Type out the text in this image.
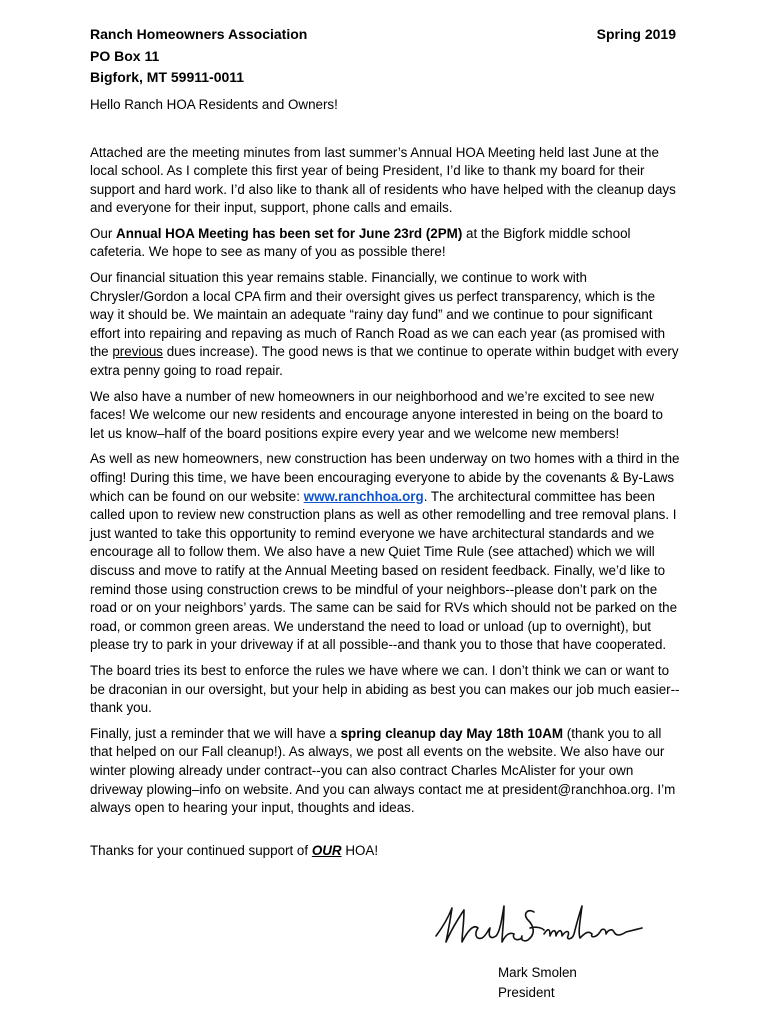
Ranch Homeowners Association
PO Box 11
Bigfork, MT 59911-0011
Spring 2019
Hello Ranch HOA Residents and Owners!

Attached are the meeting minutes from last summer’s Annual HOA Meeting held last June at the local school. As I complete this first year of being President, I’d like to thank my board for their support and hard work. I’d also like to thank all of residents who have helped with the cleanup days and everyone for their input, support, phone calls and emails.

Our Annual HOA Meeting has been set for June 23rd (2PM) at the Bigfork middle school cafeteria. We hope to see as many of you as possible there!

Our financial situation this year remains stable. Financially, we continue to work with Chrysler/Gordon a local CPA firm and their oversight gives us perfect transparency, which is the way it should be. We maintain an adequate “rainy day fund” and we continue to pour significant effort into repairing and repaving as much of Ranch Road as we can each year (as promised with the previous dues increase). The good news is that we continue to operate within budget with every extra penny going to road repair.

We also have a number of new homeowners in our neighborhood and we’re excited to see new faces! We welcome our new residents and encourage anyone interested in being on the board to let us know–half of the board positions expire every year and we welcome new members!

As well as new homeowners, new construction has been underway on two homes with a third in the offing! During this time, we have been encouraging everyone to abide by the covenants & By-Laws which can be found on our website: www.ranchhoa.org. The architectural committee has been called upon to review new construction plans as well as other remodelling and tree removal plans. I just wanted to take this opportunity to remind everyone we have architectural standards and we encourage all to follow them. We also have a new Quiet Time Rule (see attached) which we will discuss and move to ratify at the Annual Meeting based on resident feedback. Finally, we’d like to remind those using construction crews to be mindful of your neighbors--please don’t park on the road or on your neighbors’ yards. The same can be said for RVs which should not be parked on the road, or common green areas. We understand the need to load or unload (up to overnight), but please try to park in your driveway if at all possible--and thank you to those that have cooperated.

The board tries its best to enforce the rules we have where we can. I don’t think we can or want to be draconian in our oversight, but your help in abiding as best you can makes our job much easier--thank you.

Finally, just a reminder that we will have a spring cleanup day May 18th 10AM (thank you to all that helped on our Fall cleanup!). As always, we post all events on the website. We also have our winter plowing already under contract--you can also contract Charles McAlister for your own driveway plowing–info on website. And you can always contact me at president@ranchhoa.org. I’m always open to hearing your input, thoughts and ideas.

Thanks for your continued support of OUR HOA!
Mark Smolen
President
